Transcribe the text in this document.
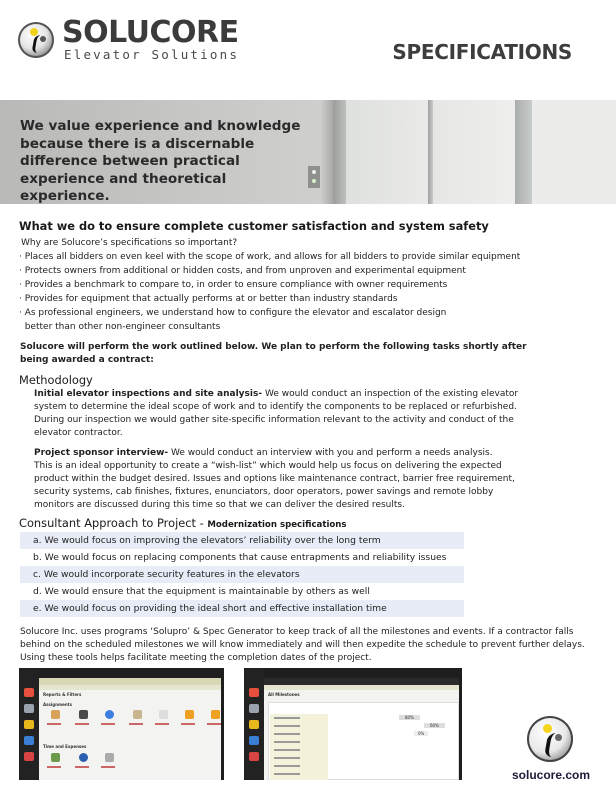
SOLUCORE
Elevator Solutions	SPECIFICATIONS
We value experience and knowledge because there is a discernable difference between practical experience and theoretical experience.
What we do to ensure complete customer satisfaction and system safety
Why are Solucore’s specifications so important?
· Places all bidders on even keel with the scope of work, and allows for all bidders to provide similar equipment
· Protects owners from additional or hidden costs, and from unproven and experimental equipment
· Provides a benchmark to compare to, in order to ensure compliance with owner requirements
· Provides for equipment that actually performs at or better than industry standards
· As professional engineers, we understand how to configure the elevator and escalator design
better than other non-engineer consultants
Solucore will perform the work outlined below. We plan to perform the following tasks shortly after
being awarded a contract:
Methodology
Initial elevator inspections and site analysis- We would conduct an inspection of the existing elevator
system to determine the ideal scope of work and to identify the components to be replaced or refurbished.
During our inspection we would gather site-specific information relevant to the activity and conduct of the
elevator contractor.
Project sponsor interview- We would conduct an interview with you and perform a needs analysis.
This is an ideal opportunity to create a “wish-list” which would help us focus on delivering the expected
product within the budget desired. Issues and options like maintenance contract, barrier free requirement,
security systems, cab finishes, fixtures, enunciators, door operators, power savings and remote lobby
monitors are discussed during this time so that we can deliver the desired results.
Consultant Approach to Project - Modernization specifications
a. We would focus on improving the elevators’ reliability over the long term
b. We would focus on replacing components that cause entrapments and reliability issues
c. We would incorporate security features in the elevators
d. We would ensure that the equipment is maintainable by others as well
e. We would focus on providing the ideal short and effective installation time
Solucore Inc. uses programs ‘Solupro’ & Spec Generator to keep track of all the milestones and events. If a contractor falls
behind on the scheduled milestones we will know immediately and will then expedite the schedule to prevent further delays.
Using these tools helps facilitate meeting the completion dates of the project.
Reports & Filters
Assignments
Time and Expenses
All Milestones
80%
60%
0%
solucore.com
